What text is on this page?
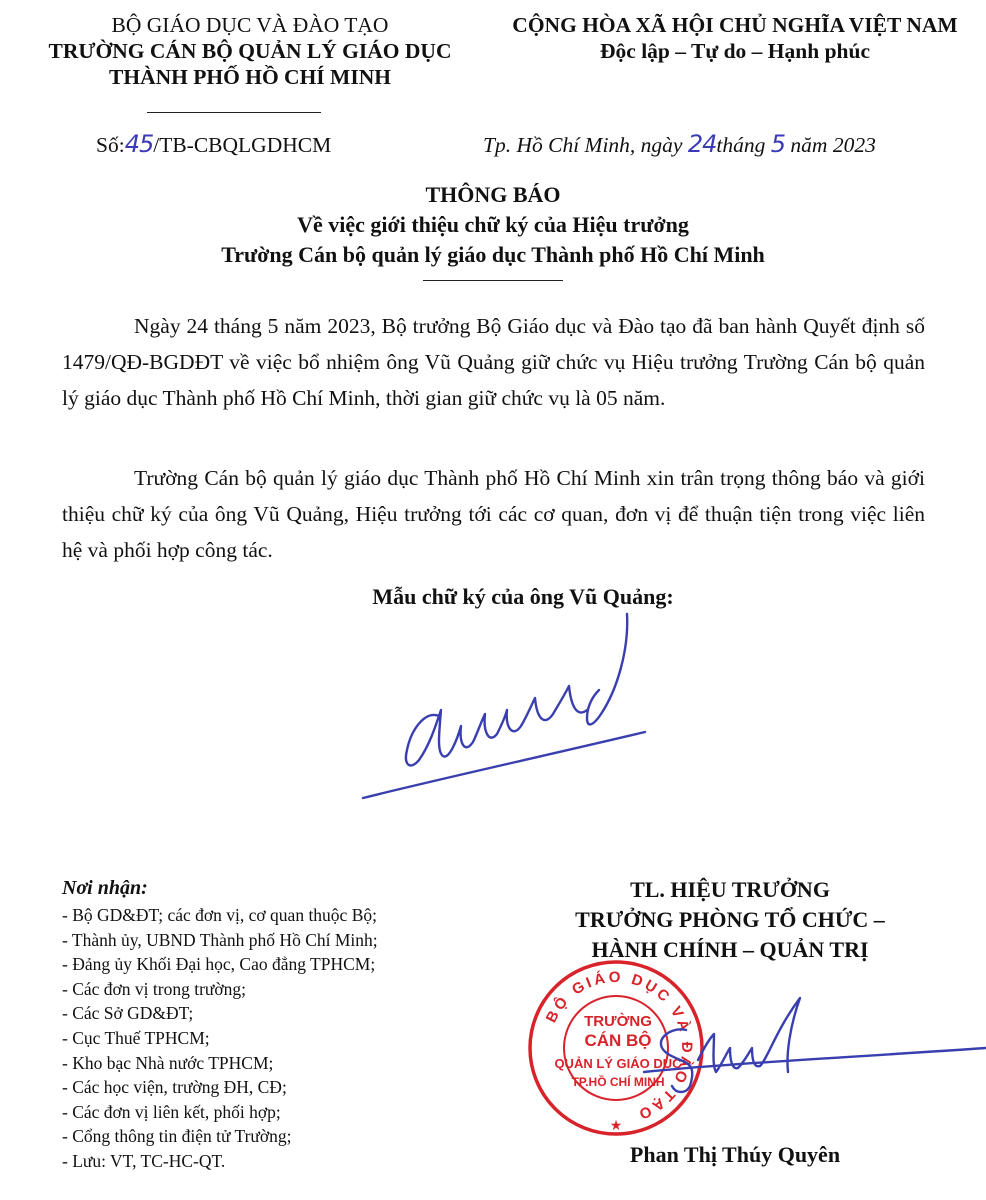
BỘ GIÁO DỤC VÀ ĐÀO TẠO
TRƯỜNG CÁN BỘ QUẢN LÝ GIÁO DỤC
THÀNH PHỐ HỒ CHÍ MINH
CỘNG HÒA XÃ HỘI CHỦ NGHĨA VIỆT NAM
Độc lập – Tự do – Hạnh phúc
Số:45/TB-CBQLGDHCM	Tp. Hồ Chí Minh, ngày 24tháng 5 năm 2023
THÔNG BÁO
Về việc giới thiệu chữ ký của Hiệu trưởng
Trường Cán bộ quản lý giáo dục Thành phố Hồ Chí Minh
Ngày 24 tháng 5 năm 2023, Bộ trưởng Bộ Giáo dục và Đào tạo đã ban hành Quyết định số 1479/QĐ-BGDĐT về việc bổ nhiệm ông Vũ Quảng giữ chức vụ Hiệu trưởng Trường Cán bộ quản lý giáo dục Thành phố Hồ Chí Minh, thời gian giữ chức vụ là 05 năm.
Trường Cán bộ quản lý giáo dục Thành phố Hồ Chí Minh xin trân trọng thông báo và giới thiệu chữ ký của ông Vũ Quảng, Hiệu trưởng tới các cơ quan, đơn vị để thuận tiện trong việc liên hệ và phối hợp công tác.
Mẫu chữ ký của ông Vũ Quảng:
Nơi nhận:
- Bộ GD&ĐT; các đơn vị, cơ quan thuộc Bộ;
- Thành ủy, UBND Thành phố Hồ Chí Minh;
- Đảng ủy Khối Đại học, Cao đẳng TPHCM;
- Các đơn vị trong trường;
- Các Sở GD&ĐT;
- Cục Thuế TPHCM;
- Kho bạc Nhà nước TPHCM;
- Các học viện, trường ĐH, CĐ;
- Các đơn vị liên kết, phối hợp;
- Cổng thông tin điện tử Trường;
- Lưu: VT, TC-HC-QT.
TL. HIỆU TRƯỞNG
TRƯỞNG PHÒNG TỔ CHỨC –
HÀNH CHÍNH – QUẢN TRỊ
BỘ GIÁO DỤC VÀ ĐÀO TẠO
★
TRƯỜNG
CÁN BỘ
QUẢN LÝ GIÁO DỤC
TP.HỒ CHÍ MINH
Phan Thị Thúy Quyên
